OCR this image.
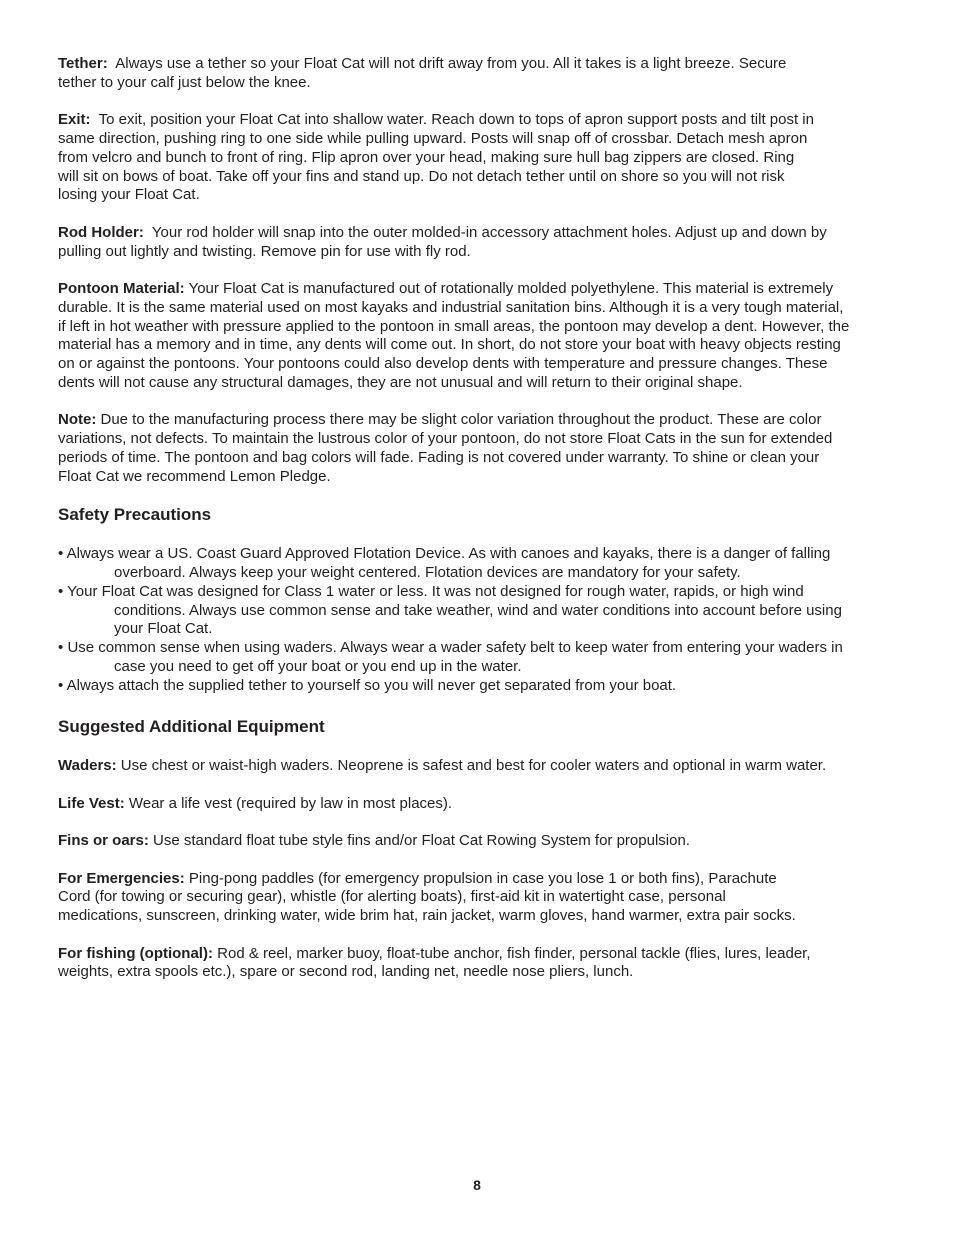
Tether: Always use a tether so your Float Cat will not drift away from you. All it takes is a light breeze. Secure
tether to your calf just below the knee.

Exit: To exit, position your Float Cat into shallow water. Reach down to tops of apron support posts and tilt post in
same direction, pushing ring to one side while pulling upward. Posts will snap off of crossbar. Detach mesh apron
from velcro and bunch to front of ring. Flip apron over your head, making sure hull bag zippers are closed. Ring
will sit on bows of boat. Take off your fins and stand up. Do not detach tether until on shore so you will not risk
losing your Float Cat.

Rod Holder: Your rod holder will snap into the outer molded-in accessory attachment holes. Adjust up and down by
pulling out lightly and twisting. Remove pin for use with fly rod.

Pontoon Material: Your Float Cat is manufactured out of rotationally molded polyethylene. This material is extremely
durable. It is the same material used on most kayaks and industrial sanitation bins. Although it is a very tough material,
if left in hot weather with pressure applied to the pontoon in small areas, the pontoon may develop a dent. However, the
material has a memory and in time, any dents will come out. In short, do not store your boat with heavy objects resting
on or against the pontoons. Your pontoons could also develop dents with temperature and pressure changes. These
dents will not cause any structural damages, they are not unusual and will return to their original shape.

Note: Due to the manufacturing process there may be slight color variation throughout the product. These are color
variations, not defects. To maintain the lustrous color of your pontoon, do not store Float Cats in the sun for extended
periods of time. The pontoon and bag colors will fade. Fading is not covered under warranty. To shine or clean your
Float Cat we recommend Lemon Pledge.

Safety Precautions
• Always wear a US. Coast Guard Approved Flotation Device. As with canoes and kayaks, there is a danger of falling
overboard. Always keep your weight centered. Flotation devices are mandatory for your safety.
• Your Float Cat was designed for Class 1 water or less. It was not designed for rough water, rapids, or high wind
conditions. Always use common sense and take weather, wind and water conditions into account before using
your Float Cat.
• Use common sense when using waders. Always wear a wader safety belt to keep water from entering your waders in
case you need to get off your boat or you end up in the water.
• Always attach the supplied tether to yourself so you will never get separated from your boat.
Suggested Additional Equipment

Waders: Use chest or waist-high waders. Neoprene is safest and best for cooler waters and optional in warm water.

Life Vest: Wear a life vest (required by law in most places).

Fins or oars: Use standard float tube style fins and/or Float Cat Rowing System for propulsion.

For Emergencies: Ping-pong paddles (for emergency propulsion in case you lose 1 or both fins), Parachute
Cord (for towing or securing gear), whistle (for alerting boats), first-aid kit in watertight case, personal
medications, sunscreen, drinking water, wide brim hat, rain jacket, warm gloves, hand warmer, extra pair socks.

For fishing (optional): Rod & reel, marker buoy, float-tube anchor, fish finder, personal tackle (flies, lures, leader,
weights, extra spools etc.), spare or second rod, landing net, needle nose pliers, lunch.

8
